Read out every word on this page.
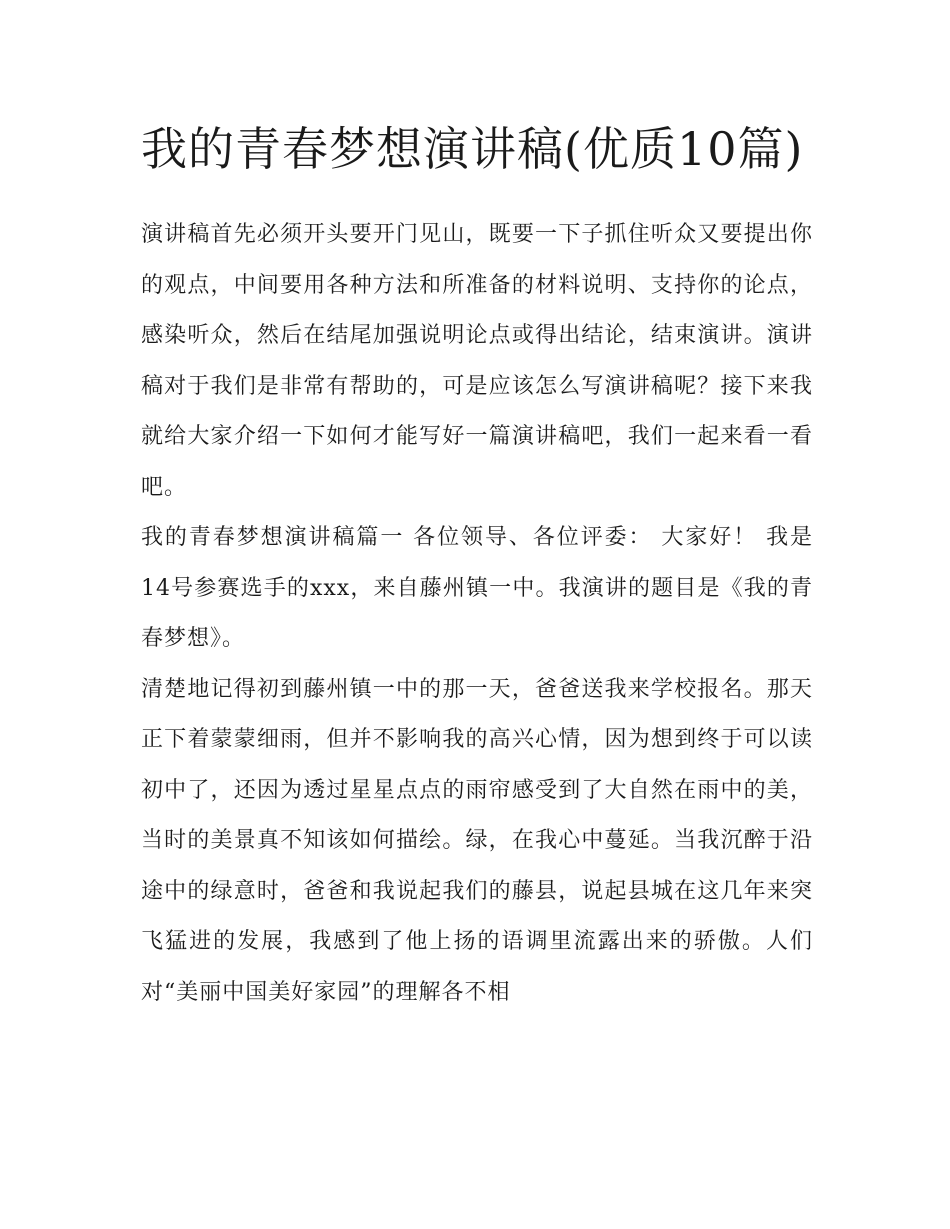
我的青春梦想演讲稿(优质10篇)

演讲稿首先必须开头要开门见山，既要一下子抓住听众又要提出你的观点，中间要用各种方法和所准备的材料说明、支持你的论点，感染听众，然后在结尾加强说明论点或得出结论，结束演讲。演讲稿对于我们是非常有帮助的，可是应该怎么写演讲稿呢？接下来我就给大家介绍一下如何才能写好一篇演讲稿吧，我们一起来看一看吧。

我的青春梦想演讲稿篇一 各位领导、各位评委： 大家好！ 我是14号参赛选手的xxx，来自藤州镇一中。我演讲的题目是《我的青春梦想》。

清楚地记得初到藤州镇一中的那一天，爸爸送我来学校报名。那天正下着蒙蒙细雨，但并不影响我的高兴心情，因为想到终于可以读初中了，还因为透过星星点点的雨帘感受到了大自然在雨中的美，当时的美景真不知该如何描绘。绿，在我心中蔓延。当我沉醉于沿途中的绿意时，爸爸和我说起我们的藤县，说起县城在这几年来突飞猛进的发展，我感到了他上扬的语调里流露出来的骄傲。人们对“美丽中国美好家园”的理解各不相
